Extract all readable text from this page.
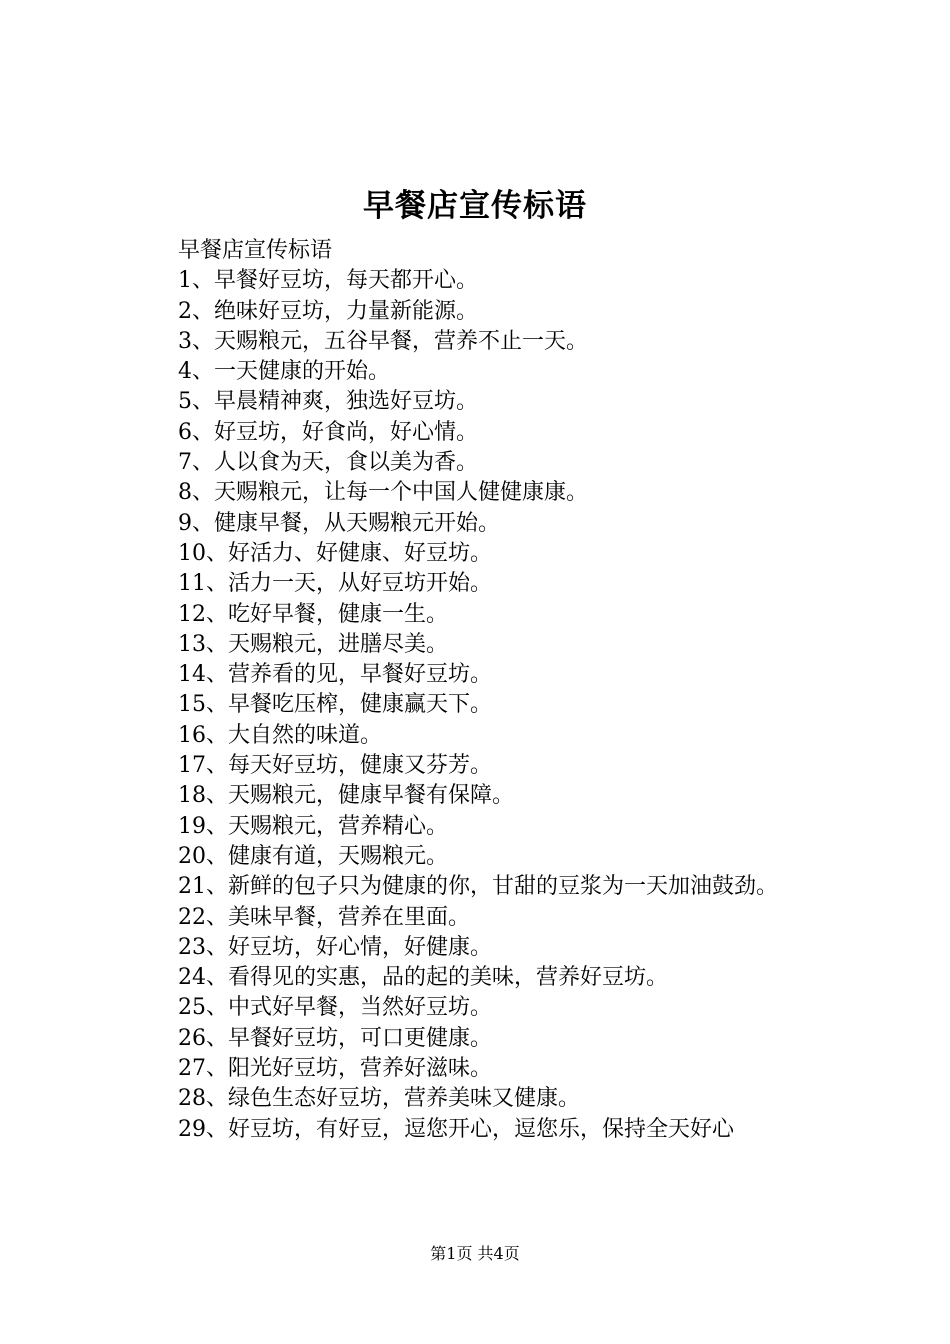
早餐店宣传标语

早餐店宣传标语

1、早餐好豆坊，每天都开心。

2、绝味好豆坊，力量新能源。

3、天赐粮元，五谷早餐，营养不止一天。

4、一天健康的开始。

5、早晨精神爽，独选好豆坊。

6、好豆坊，好食尚，好心情。

7、人以食为天，食以美为香。

8、天赐粮元，让每一个中国人健健康康。

9、健康早餐，从天赐粮元开始。

10、好活力、好健康、好豆坊。

11、活力一天，从好豆坊开始。

12、吃好早餐，健康一生。

13、天赐粮元，进膳尽美。

14、营养看的见，早餐好豆坊。

15、早餐吃压榨，健康赢天下。

16、大自然的味道。

17、每天好豆坊，健康又芬芳。

18、天赐粮元，健康早餐有保障。

19、天赐粮元，营养精心。

20、健康有道，天赐粮元。

21、新鲜的包子只为健康的你，甘甜的豆浆为一天加油鼓劲。

22、美味早餐，营养在里面。

23、好豆坊，好心情，好健康。

24、看得见的实惠，品的起的美味，营养好豆坊。

25、中式好早餐，当然好豆坊。

26、早餐好豆坊，可口更健康。

27、阳光好豆坊，营养好滋味。

28、绿色生态好豆坊，营养美味又健康。

29、好豆坊，有好豆，逗您开心，逗您乐，保持全天好心

第1页 共4页
